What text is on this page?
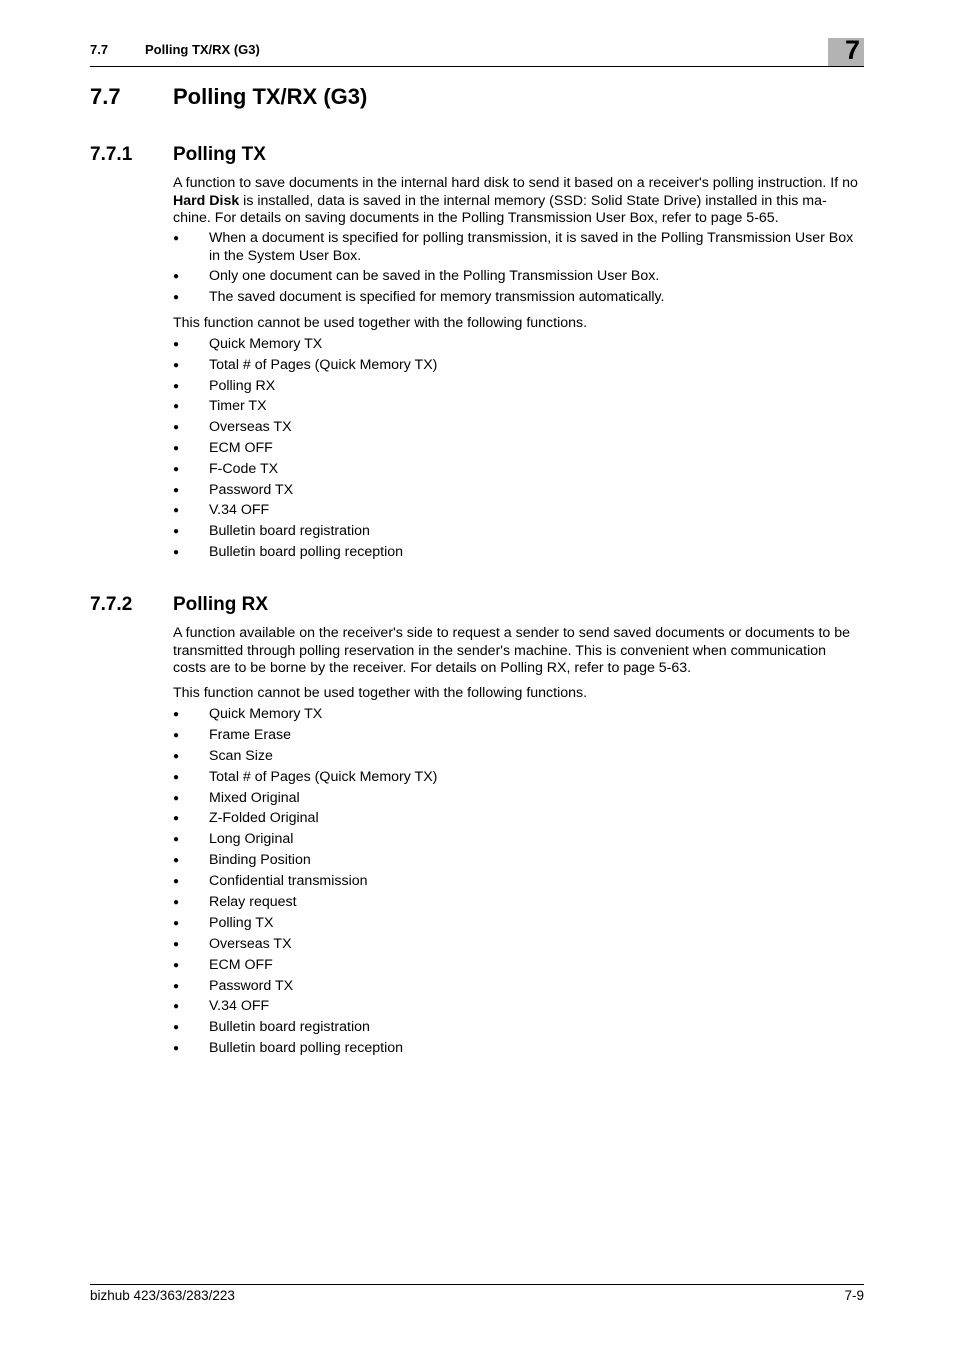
7.7	Polling TX/RX (G3)	7
7.7 Polling TX/RX (G3)
7.7.1 Polling TX

A function to save documents in the internal hard disk to send it based on a receiver's polling instruction. If no Hard Disk is installed, data is saved in the internal memory (SSD: Solid State Drive) installed in this ma-chine. For details on saving documents in the Polling Transmission User Box, refer to page 5-65.

● When a document is specified for polling transmission, it is saved in the Polling Transmission User Box in the System User Box.
● Only one document can be saved in the Polling Transmission User Box.
● The saved document is specified for memory transmission automatically.

This function cannot be used together with the following functions.

● Quick Memory TX
● Total # of Pages (Quick Memory TX)
● Polling RX
● Timer TX
● Overseas TX
● ECM OFF
● F-Code TX
● Password TX
● V.34 OFF
● Bulletin board registration
● Bulletin board polling reception
7.7.2 Polling RX

A function available on the receiver's side to request a sender to send saved documents or documents to be transmitted through polling reservation in the sender's machine. This is convenient when communication costs are to be borne by the receiver. For details on Polling RX, refer to page 5-63.

This function cannot be used together with the following functions.

● Quick Memory TX
● Frame Erase
● Scan Size
● Total # of Pages (Quick Memory TX)
● Mixed Original
● Z-Folded Original
● Long Original
● Binding Position
● Confidential transmission
● Relay request
● Polling TX
● Overseas TX
● ECM OFF
● Password TX
● V.34 OFF
● Bulletin board registration
● Bulletin board polling reception
bizhub 423/363/283/223	7-9
